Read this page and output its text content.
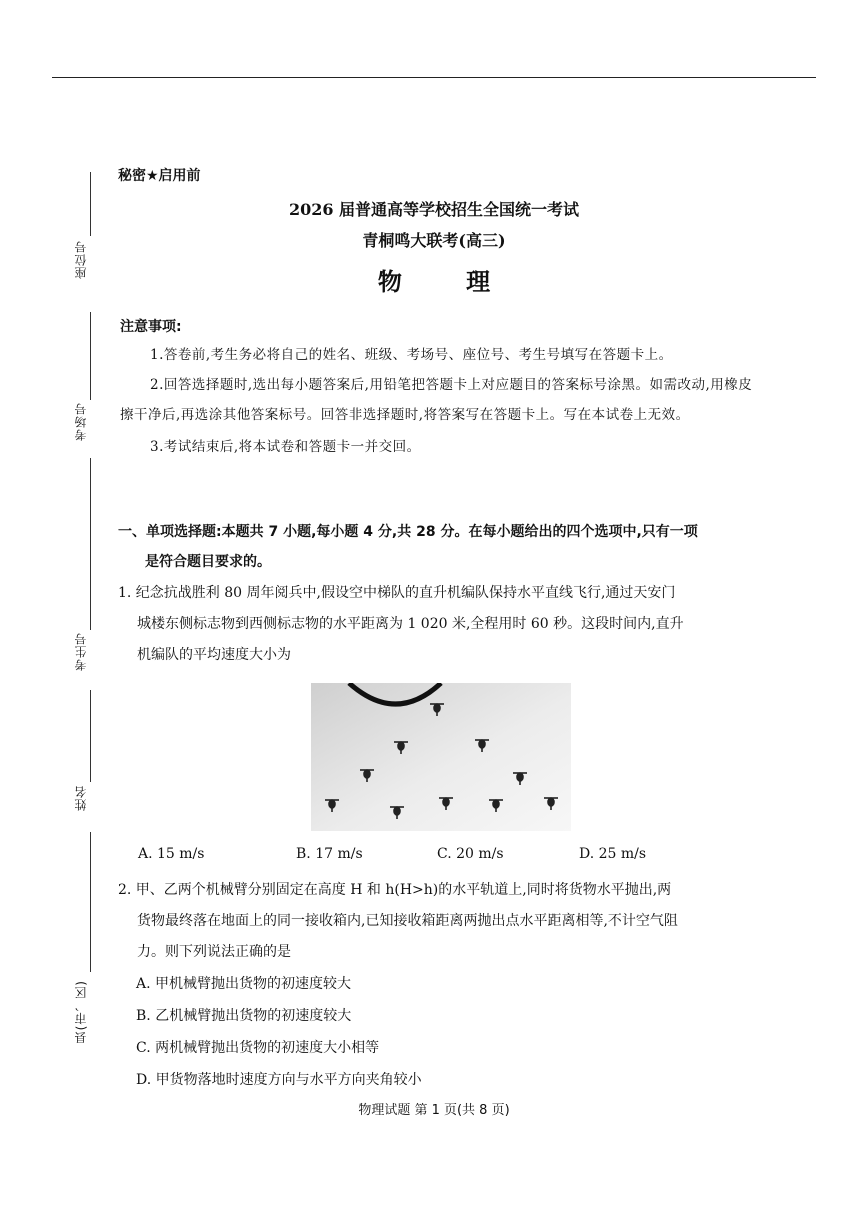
座位号
考场号
考生号
姓名
县(市、区)
秘密★启用前
2026 届普通高等学校招生全国统一考试
青桐鸣大联考(高三)
物 理
注意事项:

1.答卷前,考生务必将自己的姓名、班级、考场号、座位号、考生号填写在答题卡上。

2.回答选择题时,选出每小题答案后,用铅笔把答题卡上对应题目的答案标号涂黑。如需改动,用橡皮擦干净后,再选涂其他答案标号。回答非选择题时,将答案写在答题卡上。写在本试卷上无效。

3.考试结束后,将本试卷和答题卡一并交回。

一、单项选择题:本题共 7 小题,每小题 4 分,共 28 分。在每小题给出的四个选项中,只有一项
是符合题目要求的。
1. 纪念抗战胜利 80 周年阅兵中,假设空中梯队的直升机编队保持水平直线飞行,通过天安门
城楼东侧标志物到西侧标志物的水平距离为 1 020 米,全程用时 60 秒。这段时间内,直升
机编队的平均速度大小为
A. 15 m/s	B. 17 m/s	C. 20 m/s	D. 25 m/s
2. 甲、乙两个机械臂分别固定在高度 H 和 h(H>h)的水平轨道上,同时将货物水平抛出,两
货物最终落在地面上的同一接收箱内,已知接收箱距离两抛出点水平距离相等,不计空气阻
力。则下列说法正确的是
A. 甲机械臂抛出货物的初速度较大
B. 乙机械臂抛出货物的初速度较大
C. 两机械臂抛出货物的初速度大小相等
D. 甲货物落地时速度方向与水平方向夹角较小
物理试题 第 1 页(共 8 页)
